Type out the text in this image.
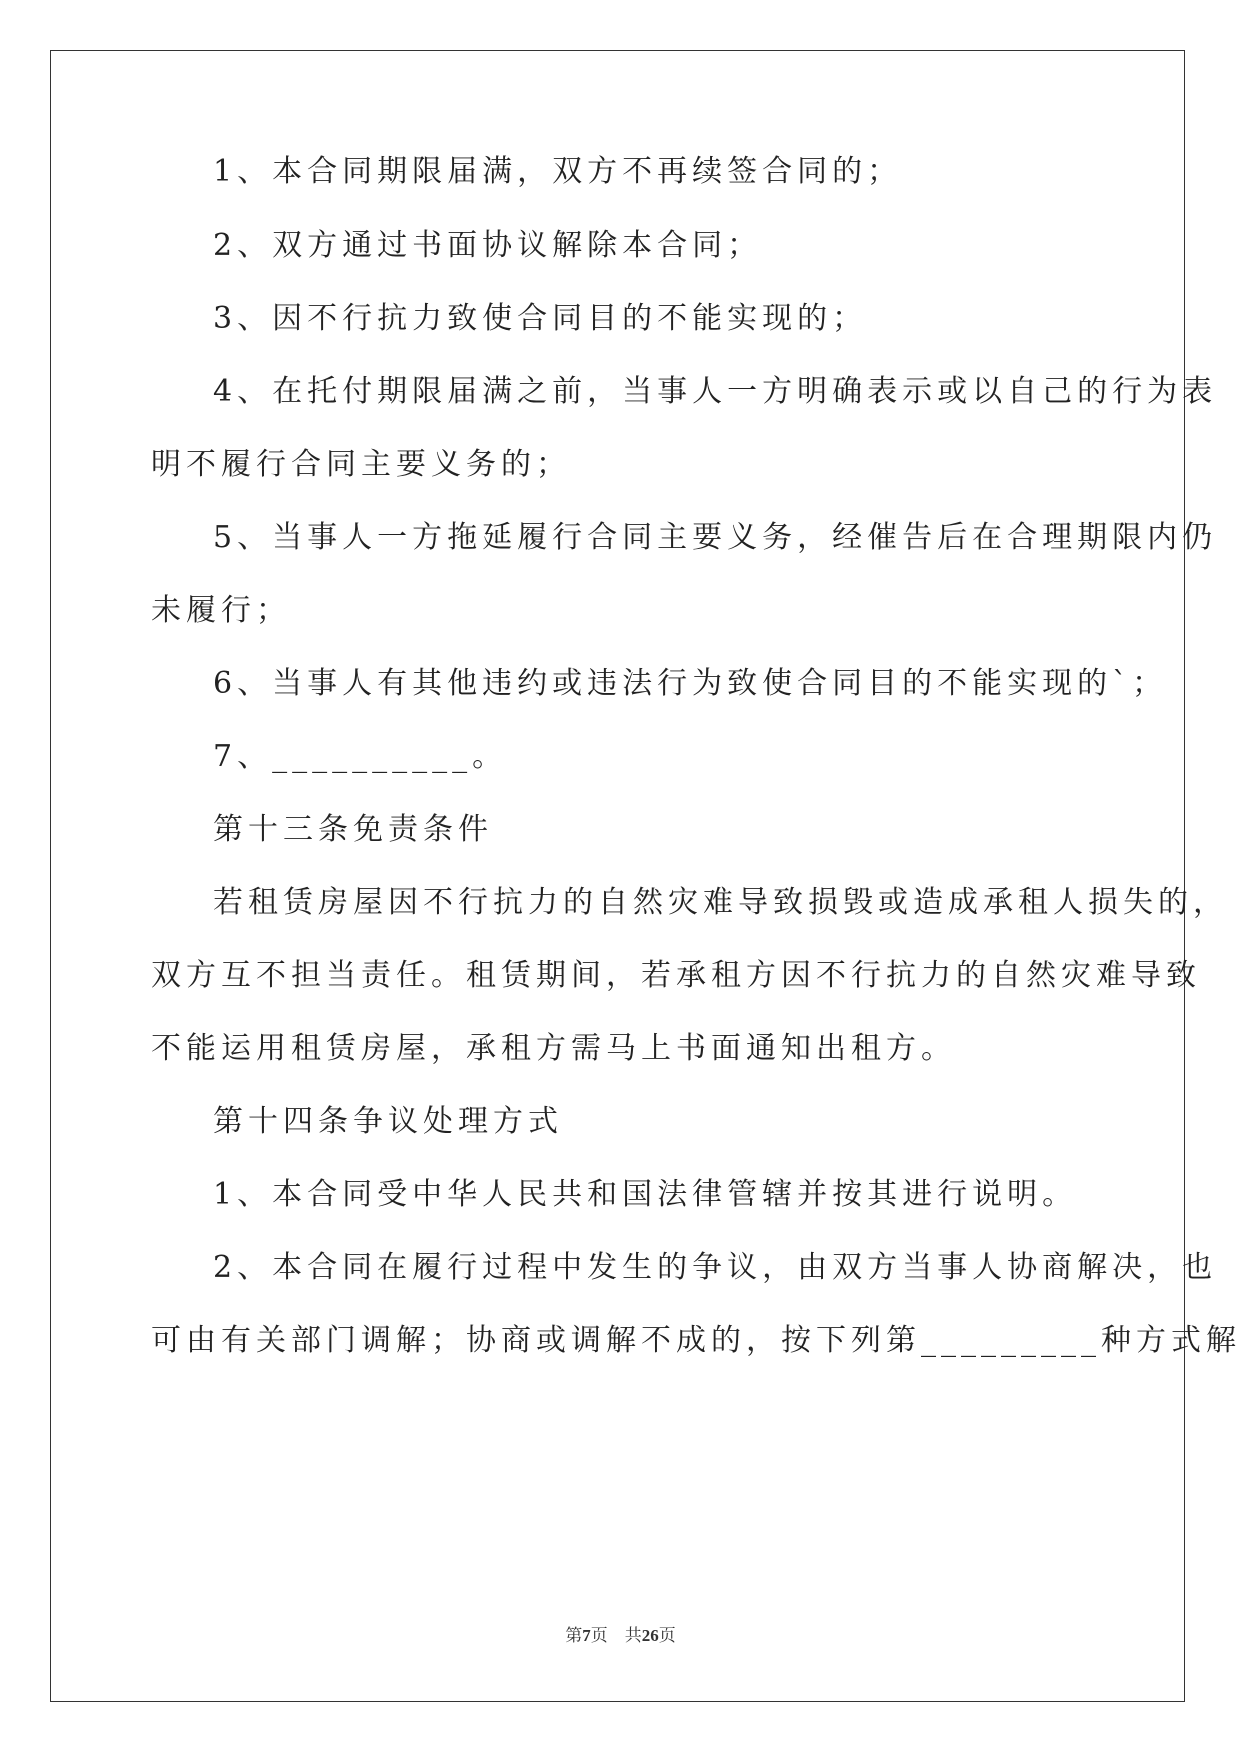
1、本合同期限届满，双方不再续签合同的；
2、双方通过书面协议解除本合同；
3、因不行抗力致使合同目的不能实现的；
4、在托付期限届满之前，当事人一方明确表示或以自己的行为表
明不履行合同主要义务的；
5、当事人一方拖延履行合同主要义务，经催告后在合理期限内仍
未履行；
6、当事人有其他违约或违法行为致使合同目的不能实现的`；
7、__________。
第十三条免责条件
若租赁房屋因不行抗力的自然灾难导致损毁或造成承租人损失的，
双方互不担当责任。租赁期间，若承租方因不行抗力的自然灾难导致
不能运用租赁房屋，承租方需马上书面通知出租方。
第十四条争议处理方式
1、本合同受中华人民共和国法律管辖并按其进行说明。
2、本合同在履行过程中发生的争议，由双方当事人协商解决，也
可由有关部门调解；协商或调解不成的，按下列第_________种方式解
第7页 共26页
